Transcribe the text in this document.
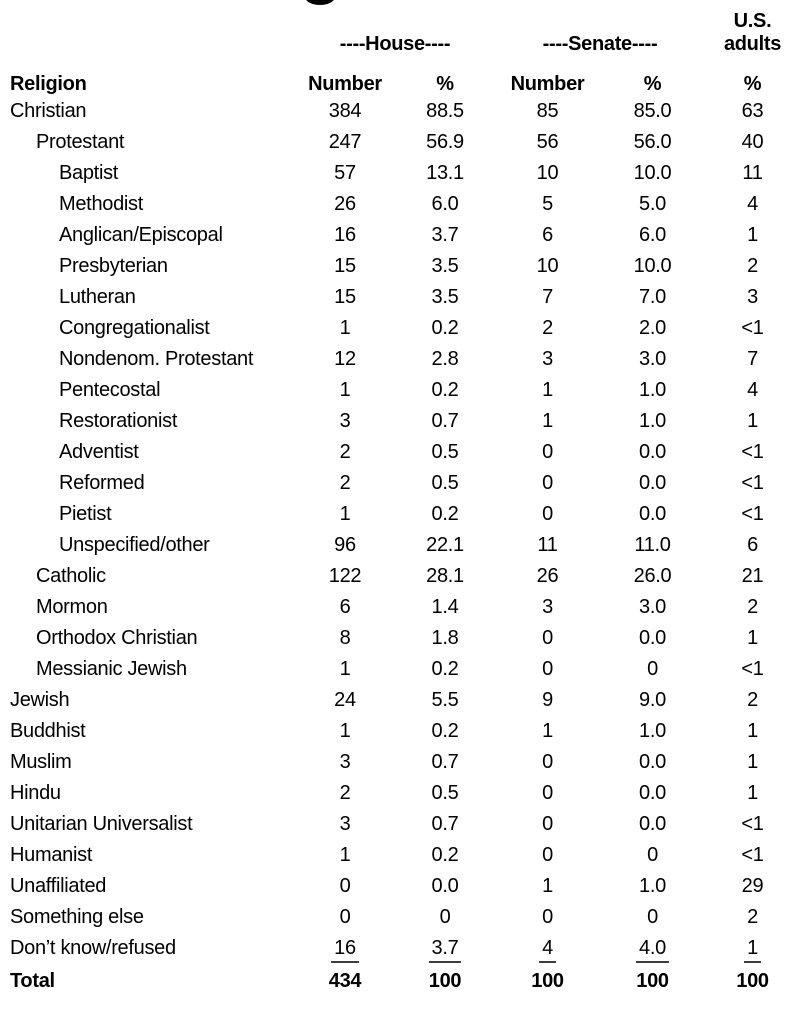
----House----	----Senate----
U.S.
adults
Religion	Number	%	Number	%	%
Christian	384	88.5	85	85.0	63
Protestant	247	56.9	56	56.0	40
Baptist	57	13.1	10	10.0	11
Methodist	26	6.0	5	5.0	4
Anglican/Episcopal	16	3.7	6	6.0	1
Presbyterian	15	3.5	10	10.0	2
Lutheran	15	3.5	7	7.0	3
Congregationalist	1	0.2	2	2.0	<1
Nondenom. Protestant	12	2.8	3	3.0	7
Pentecostal	1	0.2	1	1.0	4
Restorationist	3	0.7	1	1.0	1
Adventist	2	0.5	0	0.0	<1
Reformed	2	0.5	0	0.0	<1
Pietist	1	0.2	0	0.0	<1
Unspecified/other	96	22.1	11	11.0	6
Catholic	122	28.1	26	26.0	21
Mormon	6	1.4	3	3.0	2
Orthodox Christian	8	1.8	0	0.0	1
Messianic Jewish	1	0.2	0	0	<1
Jewish	24	5.5	9	9.0	2
Buddhist	1	0.2	1	1.0	1
Muslim	3	0.7	0	0.0	1
Hindu	2	0.5	0	0.0	1
Unitarian Universalist	3	0.7	0	0.0	<1
Humanist	1	0.2	0	0	<1
Unaffiliated	0	0.0	1	1.0	29
Something else	0	0	0	0	2
Don’t know/refused	16	3.7	4	4.0	1
Total	434	100	100	100	100
